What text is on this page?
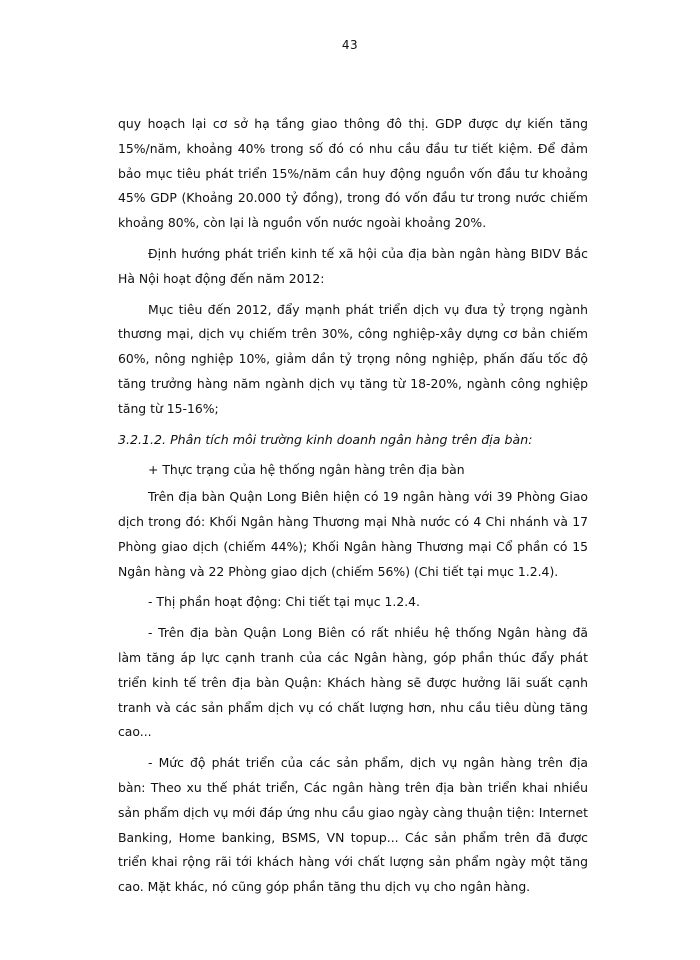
43

quy hoạch lại cơ sở hạ tầng giao thông đô thị. GDP được dự kiến tăng 15%/năm, khoảng 40% trong số đó có nhu cầu đầu tư tiết kiệm. Để đảm bảo mục tiêu phát triển 15%/năm cần huy động nguồn vốn đầu tư khoảng 45% GDP (Khoảng 20.000 tỷ đồng), trong đó vốn đầu tư trong nước chiếm khoảng 80%, còn lại là nguồn vốn nước ngoài khoảng 20%.

Định hướng phát triển kinh tế xã hội của địa bàn ngân hàng BIDV Bắc Hà Nội hoạt động đến năm 2012:

Mục tiêu đến 2012, đẩy mạnh phát triển dịch vụ đưa tỷ trọng ngành thương mại, dịch vụ chiếm trên 30%, công nghiệp-xây dựng cơ bản chiếm 60%, nông nghiệp 10%, giảm dần tỷ trọng nông nghiệp, phấn đấu tốc độ tăng trưởng hàng năm ngành dịch vụ tăng từ 18-20%, ngành công nghiệp tăng từ 15-16%;

3.2.1.2. Phân tích môi trường kinh doanh ngân hàng trên địa bàn:

+ Thực trạng của hệ thống ngân hàng trên địa bàn

Trên địa bàn Quận Long Biên hiện có 19 ngân hàng với 39 Phòng Giao dịch trong đó: Khối Ngân hàng Thương mại Nhà nước có 4 Chi nhánh và 17 Phòng giao dịch (chiếm 44%); Khối Ngân hàng Thương mại Cổ phần có 15 Ngân hàng và 22 Phòng giao dịch (chiếm 56%) (Chi tiết tại mục 1.2.4).

- Thị phần hoạt động: Chi tiết tại mục 1.2.4.

- Trên địa bàn Quận Long Biên có rất nhiều hệ thống Ngân hàng đã làm tăng áp lực cạnh tranh của các Ngân hàng, góp phần thúc đẩy phát triển kinh tế trên địa bàn Quận: Khách hàng sẽ được hưởng lãi suất cạnh tranh và các sản phẩm dịch vụ có chất lượng hơn, nhu cầu tiêu dùng tăng cao...

- Mức độ phát triển của các sản phẩm, dịch vụ ngân hàng trên địa bàn: Theo xu thế phát triển, Các ngân hàng trên địa bàn triển khai nhiều sản phẩm dịch vụ mới đáp ứng nhu cầu giao ngày càng thuận tiện: Internet Banking, Home banking, BSMS, VN topup... Các sản phẩm trên đã được triển khai rộng rãi tới khách hàng với chất lượng sản phẩm ngày một tăng cao. Mặt khác, nó cũng góp phần tăng thu dịch vụ cho ngân hàng.
